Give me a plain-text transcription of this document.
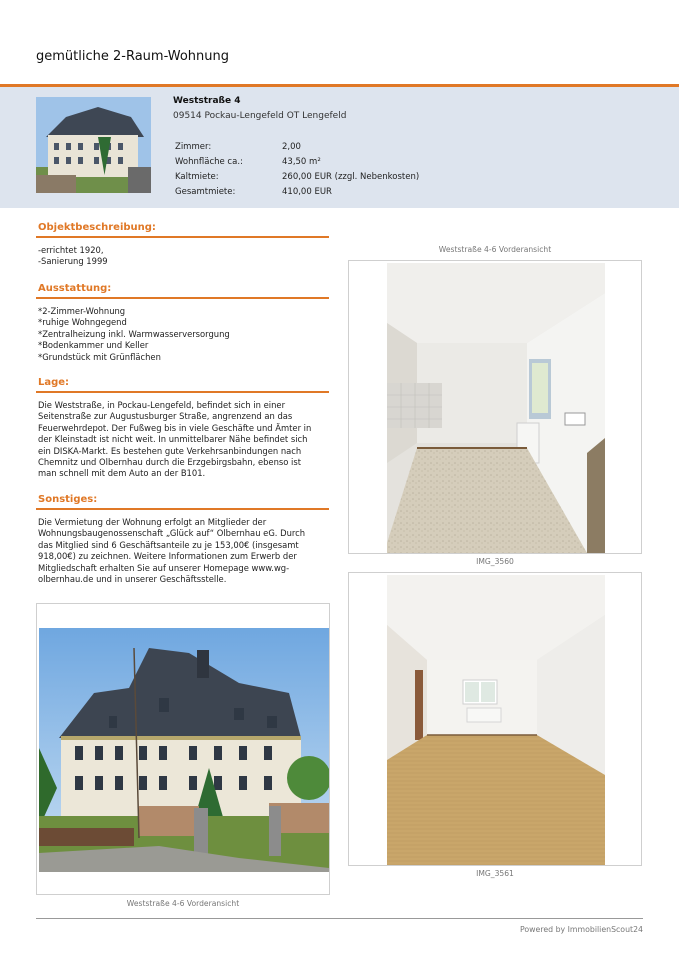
gemütliche 2-Raum-Wohnung
Weststraße 4
09514 Pockau-Lengefeld OT Lengefeld
Zimmer:	2,00
Wohnfläche ca.:	43,50 m²
Kaltmiete:	260,00 EUR (zzgl. Nebenkosten)
Gesamtmiete:	410,00 EUR
Objektbeschreibung:
-errichtet 1920,
-Sanierung 1999
Ausstattung:
*2-Zimmer-Wohnung
*ruhige Wohngegend
*Zentralheizung inkl. Warmwasserversorgung
*Bodenkammer und Keller
*Grundstück mit Grünflächen
Lage:
Die Weststraße, in Pockau-Lengefeld, befindet sich in einer
Seitenstraße zur Augustusburger Straße, angrenzend an das
Feuerwehrdepot. Der Fußweg bis in viele Geschäfte und Ämter in
der Kleinstadt ist nicht weit. In unmittelbarer Nähe befindet sich
ein DISKA-Markt. Es bestehen gute Verkehrsanbindungen nach
Chemnitz und Olbernhau durch die Erzgebirgsbahn, ebenso ist
man schnell mit dem Auto an der B101.
Sonstiges:
Die Vermietung der Wohnung erfolgt an Mitglieder der
Wohnungsbaugenossenschaft „Glück auf“ Olbernhau eG. Durch
das Mitglied sind 6 Geschäftsanteile zu je 153,00€ (insgesamt
918,00€) zu zeichnen. Weitere Informationen zum Erwerb der
Mitgliedschaft erhalten Sie auf unserer Homepage www.wg-
olbernhau.de und in unserer Geschäftsstelle.
Weststraße 4-6 Vorderansicht
IMG_3560
IMG_3561
Weststraße 4-6 Vorderansicht
Powered by ImmobilienScout24
